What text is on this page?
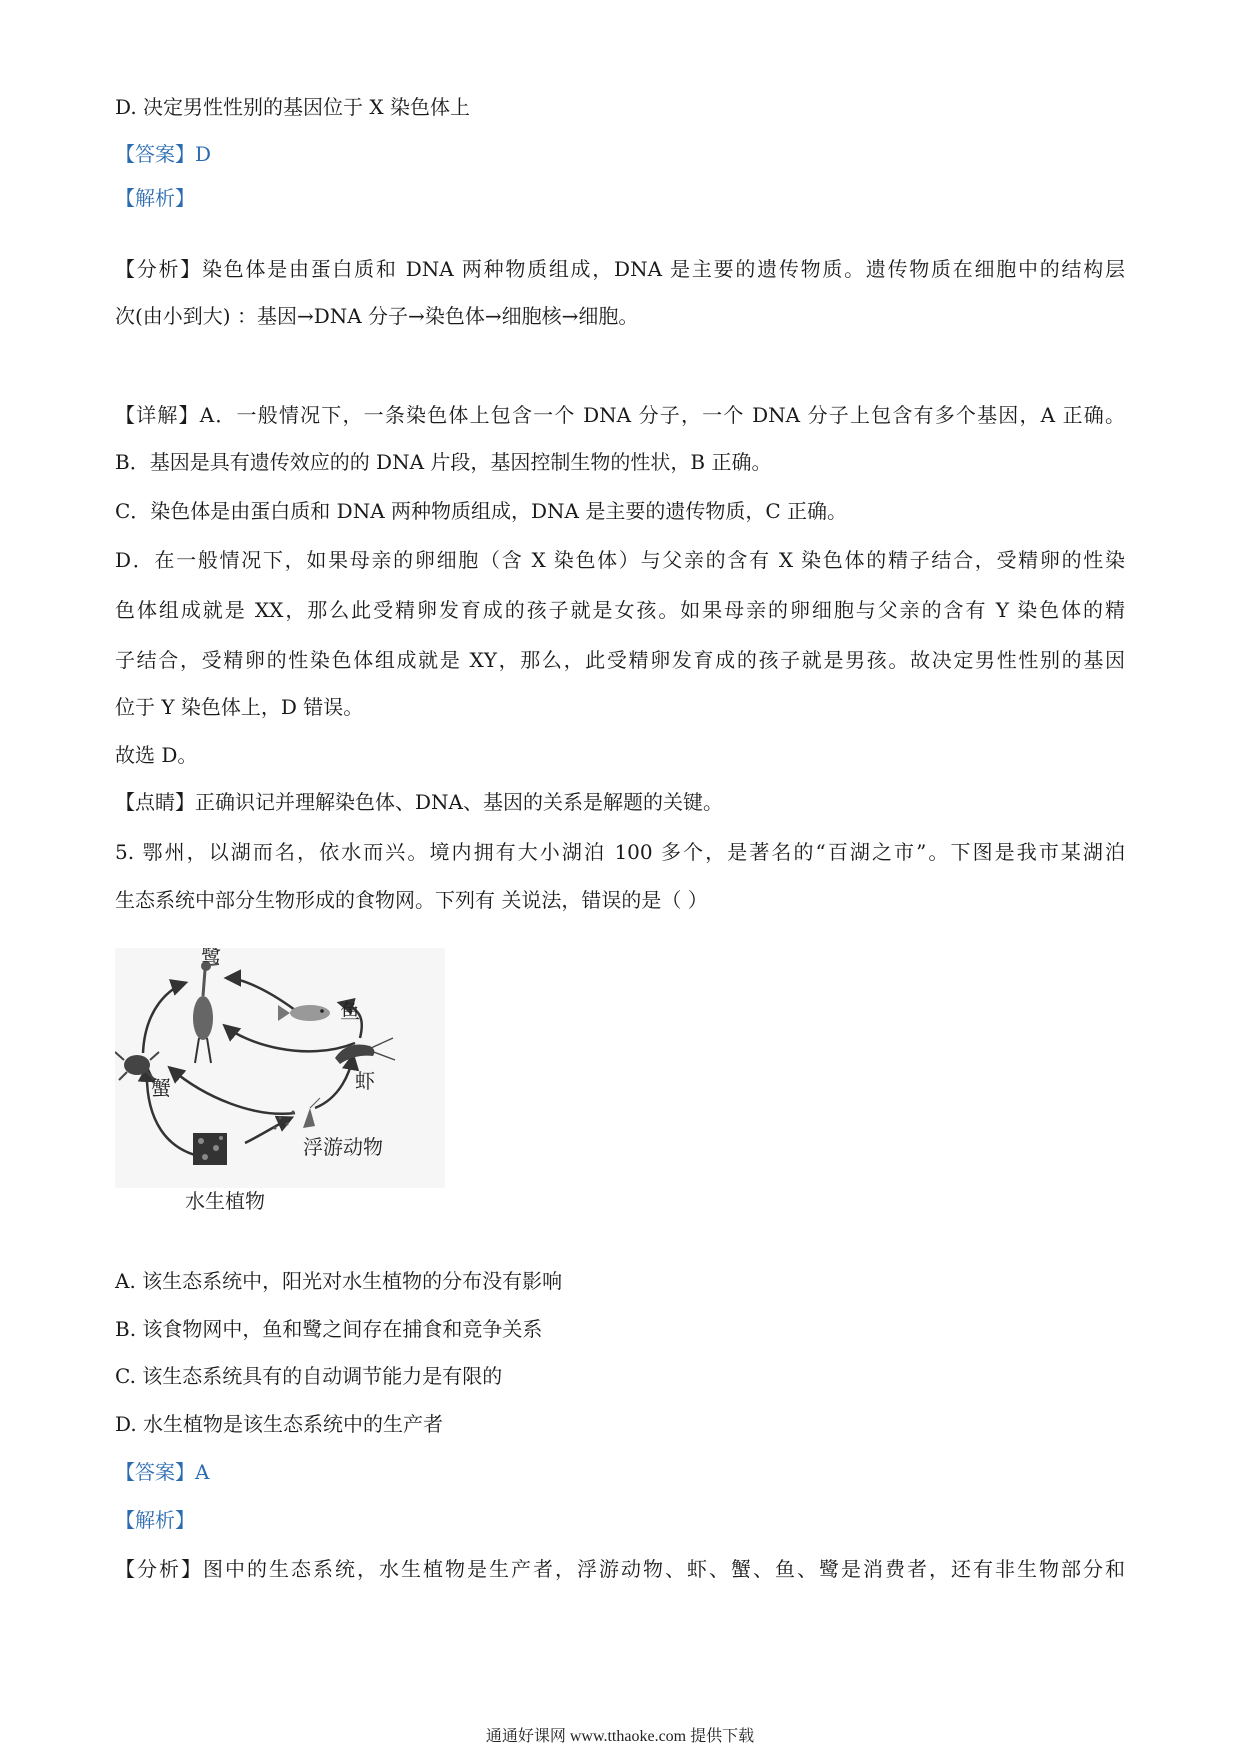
D. 决定男性性别的基因位于 X 染色体上
【答案】D
【解析】
【分析】染色体是由蛋白质和 DNA 两种物质组成，DNA 是主要的遗传物质。遗传物质在细胞中的结构层
次(由小到大) ：基因→DNA 分子→染色体→细胞核→细胞。
【详解】A．一般情况下，一条染色体上包含一个 DNA 分子，一个 DNA 分子上包含有多个基因，A 正确。
B．基因是具有遗传效应的的 DNA 片段，基因控制生物的性状，B 正确。
C．染色体是由蛋白质和 DNA 两种物质组成，DNA 是主要的遗传物质，C 正确。
D．在一般情况下，如果母亲的卵细胞（含 X 染色体）与父亲的含有 X 染色体的精子结合，受精卵的性染
色体组成就是 XX，那么此受精卵发育成的孩子就是女孩。如果母亲的卵细胞与父亲的含有 Y 染色体的精
子结合，受精卵的性染色体组成就是 XY，那么，此受精卵发育成的孩子就是男孩。故决定男性性别的基因
位于 Y 染色体上，D 错误。
故选 D。
【点睛】正确识记并理解染色体、DNA、基因的关系是解题的关键。
5. 鄂州，以湖而名，依水而兴。境内拥有大小湖泊 100 多个，是著名的“百湖之市”。下图是我市某湖泊
生态系统中部分生物形成的食物网。下列有 关说法，错误的是（ ）
鹭
鱼
虾
蟹
浮游动物
水生植物
A. 该生态系统中，阳光对水生植物的分布没有影响
B. 该食物网中，鱼和鹭之间存在捕食和竞争关系
C. 该生态系统具有的自动调节能力是有限的
D. 水生植物是该生态系统中的生产者
【答案】A
【解析】
【分析】图中的生态系统，水生植物是生产者，浮游动物、虾、蟹、鱼、鹭是消费者，还有非生物部分和
通通好课网 www.tthaoke.com 提供下载
